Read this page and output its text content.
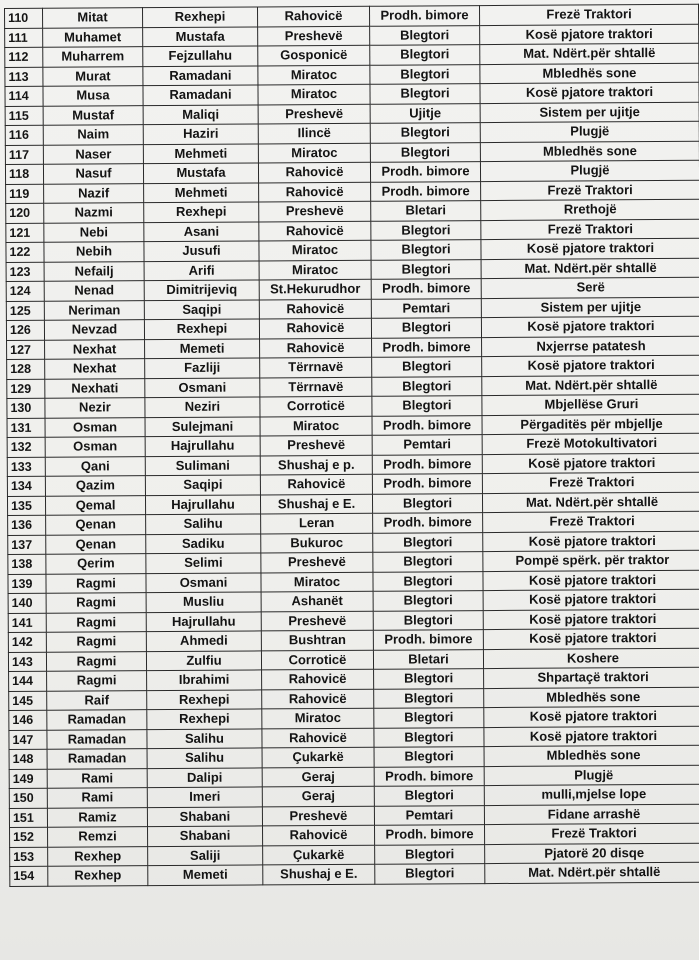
110	Mitat	Rexhepi	Rahovicë	Prodh. bimore	Frezë Traktori
111	Muhamet	Mustafa	Preshevë	Blegtori	Kosë pjatore traktori
112	Muharrem	Fejzullahu	Gosponicë	Blegtori	Mat. Ndërt.për shtallë
113	Murat	Ramadani	Miratoc	Blegtori	Mbledhës sone
114	Musa	Ramadani	Miratoc	Blegtori	Kosë pjatore traktori
115	Mustaf	Maliqi	Preshevë	Ujitje	Sistem per ujitje
116	Naim	Haziri	Ilincë	Blegtori	Plugjë
117	Naser	Mehmeti	Miratoc	Blegtori	Mbledhës sone
118	Nasuf	Mustafa	Rahovicë	Prodh. bimore	Plugjë
119	Nazif	Mehmeti	Rahovicë	Prodh. bimore	Frezë Traktori
120	Nazmi	Rexhepi	Preshevë	Bletari	Rrethojë
121	Nebi	Asani	Rahovicë	Blegtori	Frezë Traktori
122	Nebih	Jusufi	Miratoc	Blegtori	Kosë pjatore traktori
123	Nefailj	Arifi	Miratoc	Blegtori	Mat. Ndërt.për shtallë
124	Nenad	Dimitrijeviq	St.Hekurudhor	Prodh. bimore	Serë
125	Neriman	Saqipi	Rahovicë	Pemtari	Sistem per ujitje
126	Nevzad	Rexhepi	Rahovicë	Blegtori	Kosë pjatore traktori
127	Nexhat	Memeti	Rahovicë	Prodh. bimore	Nxjerrse patatesh
128	Nexhat	Fazliji	Tërrnavë	Blegtori	Kosë pjatore traktori
129	Nexhati	Osmani	Tërrnavë	Blegtori	Mat. Ndërt.për shtallë
130	Nezir	Neziri	Corroticë	Blegtori	Mbjellëse Gruri
131	Osman	Sulejmani	Miratoc	Prodh. bimore	Përgaditës për mbjellje
132	Osman	Hajrullahu	Preshevë	Pemtari	Frezë Motokultivatori
133	Qani	Sulimani	Shushaj e p.	Prodh. bimore	Kosë pjatore traktori
134	Qazim	Saqipi	Rahovicë	Prodh. bimore	Frezë Traktori
135	Qemal	Hajrullahu	Shushaj e E.	Blegtori	Mat. Ndërt.për shtallë
136	Qenan	Salihu	Leran	Prodh. bimore	Frezë Traktori
137	Qenan	Sadiku	Bukuroc	Blegtori	Kosë pjatore traktori
138	Qerim	Selimi	Preshevë	Blegtori	Pompë spërk. për traktor
139	Ragmi	Osmani	Miratoc	Blegtori	Kosë pjatore traktori
140	Ragmi	Musliu	Ashanët	Blegtori	Kosë pjatore traktori
141	Ragmi	Hajrullahu	Preshevë	Blegtori	Kosë pjatore traktori
142	Ragmi	Ahmedi	Bushtran	Prodh. bimore	Kosë pjatore traktori
143	Ragmi	Zulfiu	Corroticë	Bletari	Koshere
144	Ragmi	Ibrahimi	Rahovicë	Blegtori	Shpartaçë traktori
145	Raif	Rexhepi	Rahovicë	Blegtori	Mbledhës sone
146	Ramadan	Rexhepi	Miratoc	Blegtori	Kosë pjatore traktori
147	Ramadan	Salihu	Rahovicë	Blegtori	Kosë pjatore traktori
148	Ramadan	Salihu	Çukarkë	Blegtori	Mbledhës sone
149	Rami	Dalipi	Geraj	Prodh. bimore	Plugjë
150	Rami	Imeri	Geraj	Blegtori	mulli,mjelse lope
151	Ramiz	Shabani	Preshevë	Pemtari	Fidane arrashë
152	Remzi	Shabani	Rahovicë	Prodh. bimore	Frezë Traktori
153	Rexhep	Saliji	Çukarkë	Blegtori	Pjatorë 20 disqe
154	Rexhep	Memeti	Shushaj e E.	Blegtori	Mat. Ndërt.për shtallë
